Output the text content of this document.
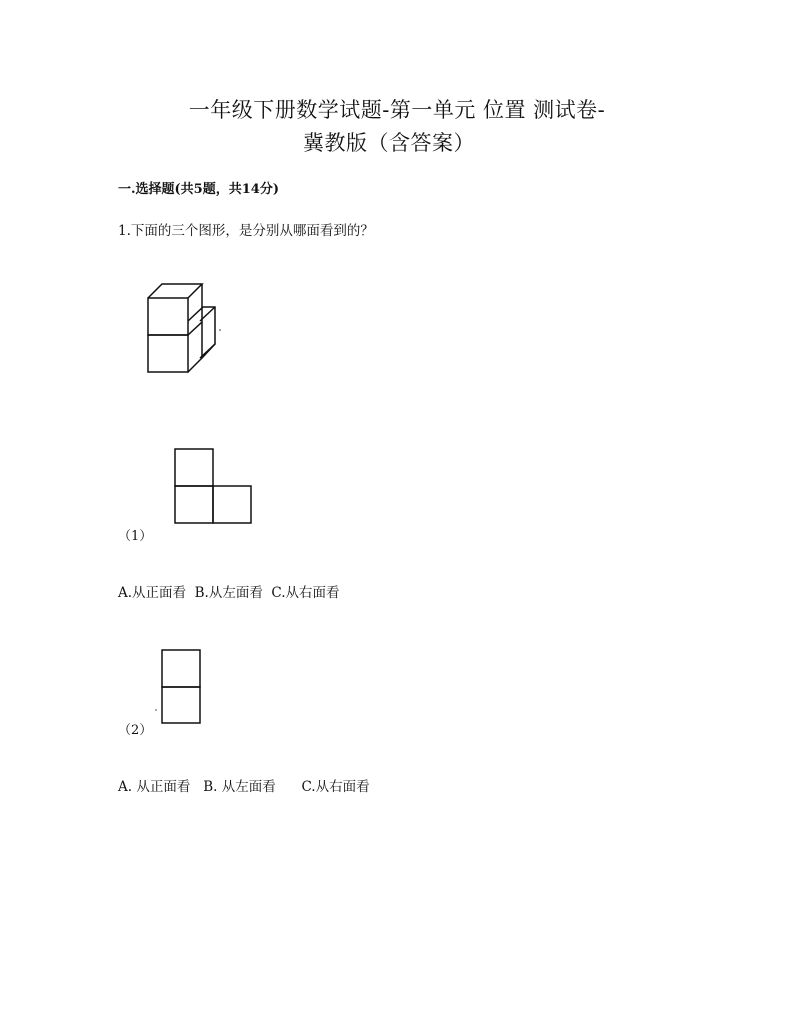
一年级下册数学试题-第一单元 位置 测试卷-
冀教版（含答案）
一.选择题(共5题，共14分)
1.下面的三个图形，是分别从哪面看到的？
（1）
A.从正面看  B.从左面看  C.从右面看
（2）
A. 从正面看   B. 从左面看      C.从右面看
